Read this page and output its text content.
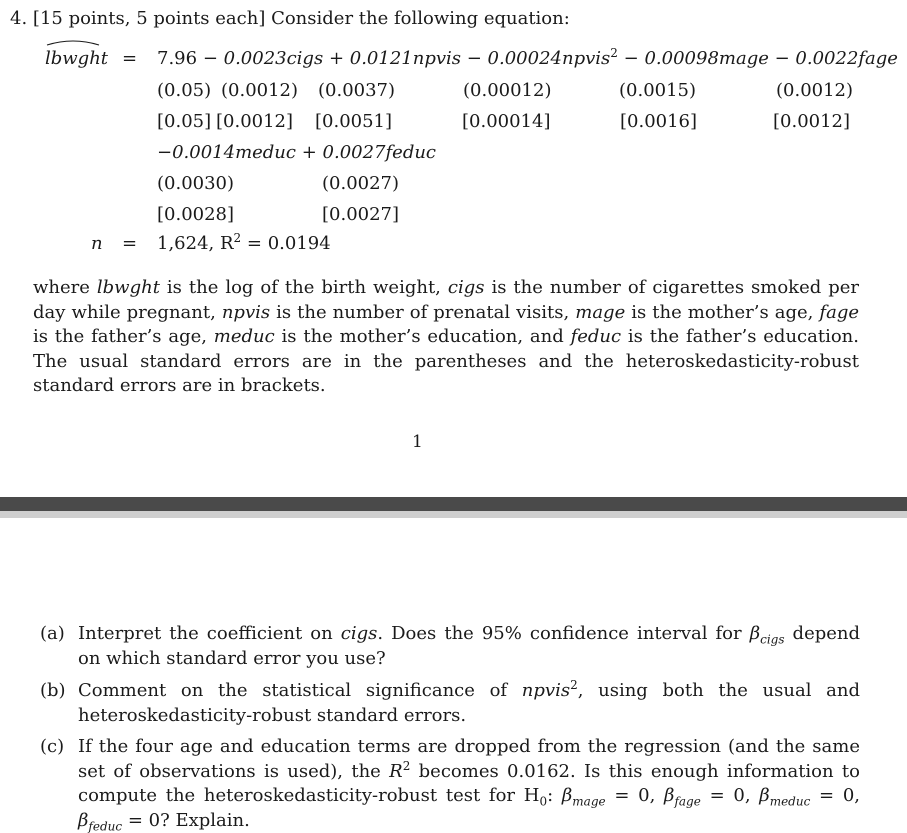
4. [15 points, 5 points each] Consider the following equation:
lbwght = 7.96 − 0.0023cigs + 0.0121npvis − 0.00024npvis$^2$ − 0.00098mage − 0.0022fage
(0.05) (0.0012) (0.0037)	(0.00012)	(0.0015)	(0.0012)
[0.05] [0.0012] [0.0051]	[0.00014]	[0.0016]	[0.0012]
−0.0014meduc + 0.0027feduc
(0.0030)	(0.0027)
[0.0028]	[0.0027]
n = 1,624, $R^2 = 0.0194$
where lbwght is the log of the birth weight, cigs is the number of cigarettes smoked per day while pregnant, npvis is the number of prenatal visits, mage is the mother’s age, fage is the father’s age, meduc is the mother’s education, and feduc is the father’s education. The usual standard errors are in the parentheses and the heteroskedasticity-robust standard errors are in brackets.
1
(a) Interpret the coefficient on cigs. Does the 95% confidence interval for $\beta_{cigs}$ depend on which standard error you use?
(b) Comment on the statistical significance of npvis$^2$, using both the usual and heteroskedasticity-robust standard errors.
(c) If the four age and education terms are dropped from the regression (and the same set of observations is used), the $R^2$ becomes 0.0162. Is this enough information to compute the heteroskedasticity-robust test for $H_0$: $\beta_{mage} = 0$, $\beta_{fage} = 0$, $\beta_{meduc} = 0$, $\beta_{feduc} = 0$? Explain.
